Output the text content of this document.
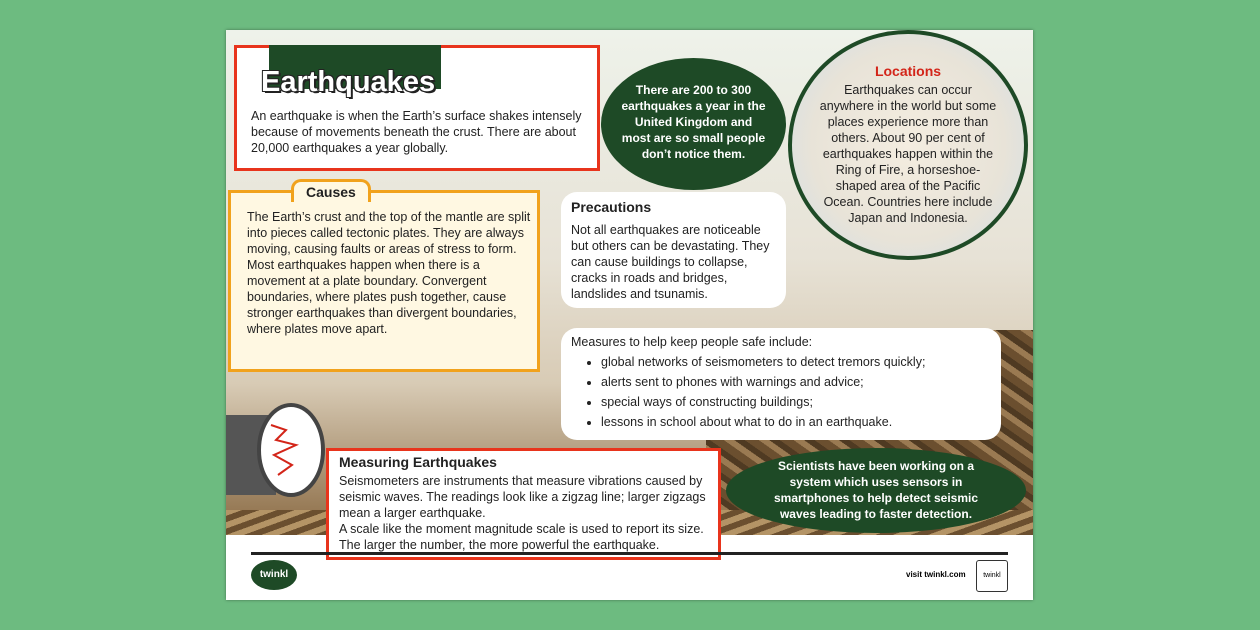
Earthquakes

An earthquake is when the Earth’s surface shakes intensely because of movements beneath the crust. There are about 20,000 earthquakes a year globally.

Causes

The Earth’s crust and the top of the mantle are split into pieces called tectonic plates. They are always moving, causing faults or areas of stress to form. Most earthquakes happen when there is a movement at a plate boundary. Convergent boundaries, where plates push together, cause stronger earthquakes than divergent boundaries, where plates move apart.

There are 200 to 300 earthquakes a year in the United Kingdom and most are so small people don’t notice them.
Locations

Earthquakes can occur anywhere in the world but some places experience more than others. About 90 per cent of earthquakes happen within the Ring of Fire, a horseshoe-shaped area of the Pacific Ocean. Countries here include Japan and Indonesia.

Precautions

Not all earthquakes are noticeable but others can be devastating. They can cause buildings to collapse, cracks in roads and bridges, landslides and tsunamis.

Measures to help keep people safe include:

• global networks of seismometers to detect tremors quickly;
• alerts sent to phones with warnings and advice;
• special ways of constructing buildings;
• lessons in school about what to do in an earthquake.
Measuring Earthquakes

Seismometers are instruments that measure vibrations caused by seismic waves. The readings look like a zigzag line; larger zigzags mean a larger earthquake.

A scale like the moment magnitude scale is used to report its size. The larger the number, the more powerful the earthquake.

Scientists have been working on a system which uses sensors in smartphones to help detect seismic waves leading to faster detection.
twinkl	visit twinkl.com	twinkl
